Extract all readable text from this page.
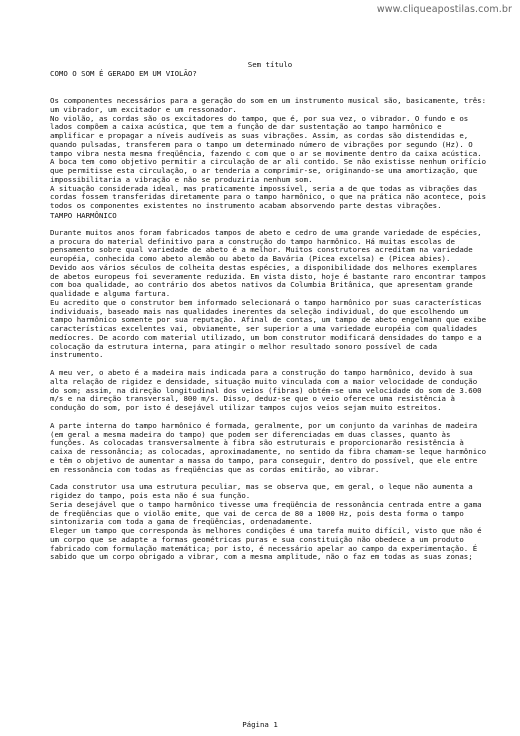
www.cliqueapostilas.com.br

Sem título

COMO O SOM É GERADO EM UM VIOLÃO?

Os componentes necessários para a geração do som em um instrumento musical são, basicamente, três: um vibrador, um excitador e um ressonador.

No violão, as cordas são os excitadores do tampo, que é, por sua vez, o vibrador. O fundo e os lados compõem a caixa acústica, que tem a função de dar sustentação ao tampo harmônico e amplificar e propagar a níveis audíveis as suas vibrações. Assim, as cordas são distendidas e, quando pulsadas, transferem para o tampo um determinado número de vibrações por segundo (Hz). O tampo vibra nesta mesma freqüência, fazendo c com que o ar se movimente dentro da caixa acústica.

A boca tem como objetivo permitir a circulação de ar ali contido. Se não existisse nenhum orifício que permitisse esta circulação, o ar tenderia a comprimir-se, originando-se uma amortização, que impossibilitaria a vibração e não se produziria nenhum som.

A situação considerada ideal, mas praticamente impossível, seria a de que todas as vibrações das cordas fossem transferidas diretamente para o tampo harmônico, o que na prática não acontece, pois todos os componentes existentes no instrumento acabam absorvendo parte destas vibrações.

TAMPO HARMÔNICO

Durante muitos anos foram fabricados tampos de abeto e cedro de uma grande variedade de espécies, a procura do material definitivo para a construção do tampo harmônico. Há muitas escolas de pensamento sobre qual variedade de abeto é a melhor. Muitos construtores acreditam na variedade européia, conhecida como abeto alemão ou abeto da Bavária (Picea excelsa) e (Picea abies).

Devido aos vários séculos de colheita destas espécies, a disponibilidade dos melhores exemplares de abetos europeus foi severamente reduzida. Em vista disto, hoje é bastante raro encontrar tampos com boa qualidade, ao contrário dos abetos nativos da Columbia Britânica, que apresentam grande qualidade e alguma fartura.

Eu acredito que o construtor bem informado selecionará o tampo harmônico por suas características individuais, baseado mais nas qualidades inerentes da seleção individual, do que escolhendo um tampo harmônico somente por sua reputação. Afinal de contas, um tampo de abeto engelmann que exibe características excelentes vai, obviamente, ser superior a uma variedade européia com qualidades medíocres. De acordo com material utilizado, um bom construtor modificará densidades do tampo e a colocação da estrutura interna, para atingir o melhor resultado sonoro possível de cada instrumento.

A meu ver, o abeto é a madeira mais indicada para a construção do tampo harmônico, devido à sua alta relação de rigidez e densidade, situação muito vinculada com a maior velocidade de condução do som; assim, na direção longitudinal dos veios (fibras) obtém-se uma velocidade do som de 3.600 m/s e na direção transversal, 800 m/s. Disso, deduz-se que o veio oferece uma resistência à condução do som, por isto é desejável utilizar tampos cujos veios sejam muito estreitos.

A parte interna do tampo harmônico é formada, geralmente, por um conjunto da varinhas de madeira (em geral a mesma madeira do tampo) que podem ser diferenciadas em duas classes, quanto às funções. As colocadas transversalmente à fibra são estruturais e proporcionarão resistência à caixa de ressonância; as colocadas, aproximadamente, no sentido da fibra chamam-se leque harmônico e têm o objetivo de aumentar a massa do tampo, para conseguir, dentro do possível, que ele entre em ressonância com todas as freqüências que as cordas emitirão, ao vibrar.

Cada construtor usa uma estrutura peculiar, mas se observa que, em geral, o leque não aumenta a rigidez do tampo, pois esta não é sua função.

Seria desejável que o tampo harmônico tivesse uma freqüência de ressonância centrada entre a gama de freqüências que o violão emite, que vai de cerca de 80 a 1000 Hz, pois desta forma o tampo sintonizaria com toda a gama de freqüências, ordenadamente.

Eleger um tampo que corresponda às melhores condições é uma tarefa muito difícil, visto que não é um corpo que se adapte a formas geométricas puras e sua constituição não obedece a um produto fabricado com formulação matemática; por isto, é necessário apelar ao campo da experimentação. É sabido que um corpo obrigado a vibrar, com a mesma amplitude, não o faz em todas as suas zonas;

Página 1
